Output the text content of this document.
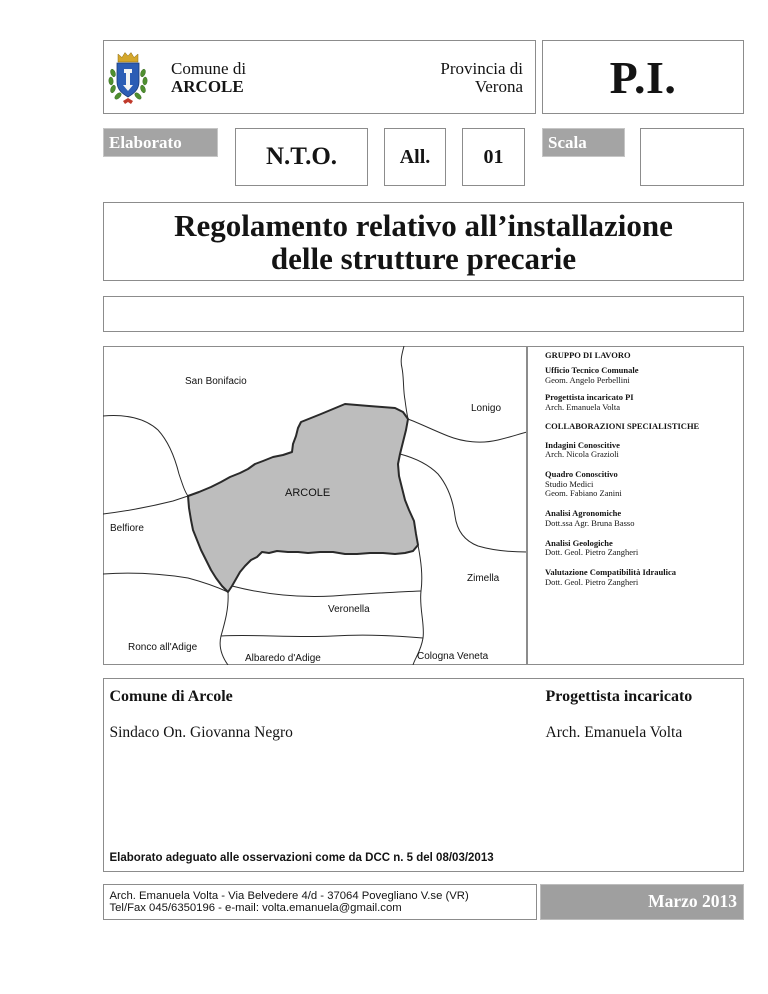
Comune di
ARCOLE
Provincia di
Verona P.I.
Elaborato
N.T.O.	All.	01
Scala
Regolamento relativo all’installazione
delle strutture precarie
ARCOLE
San Bonifacio
Lonigo
Belfiore
Zimella
Veronella
Ronco all'Adige
Albaredo d'Adige	Cologna Veneta
GRUPPO DI LAVORO
Ufficio Tecnico Comunale
Geom. Angelo Perbellini
Progettista incaricato PI
Arch. Emanuela Volta
COLLABORAZIONI SPECIALISTICHE
Indagini Conoscitive
Arch. Nicola Grazioli
Quadro Conoscitivo
Studio Medici
Geom. Fabiano Zanini
Analisi Agronomiche
Dott.ssa Agr. Bruna Basso
Analisi Geologiche
Dott. Geol. Pietro Zangheri
Valutazione Compatibilità Idraulica
Dott. Geol. Pietro Zangheri
Comune di Arcole
Sindaco On. Giovanna Negro
Progettista incaricato
Arch. Emanuela Volta
Elaborato adeguato alle osservazioni come da DCC n. 5 del 08/03/2013
Arch. Emanuela Volta - Via Belvedere 4/d - 37064 Povegliano V.se (VR)
Tel/Fax 045/6350196 - e-mail: volta.emanuela@gmail.com	Marzo 2013
